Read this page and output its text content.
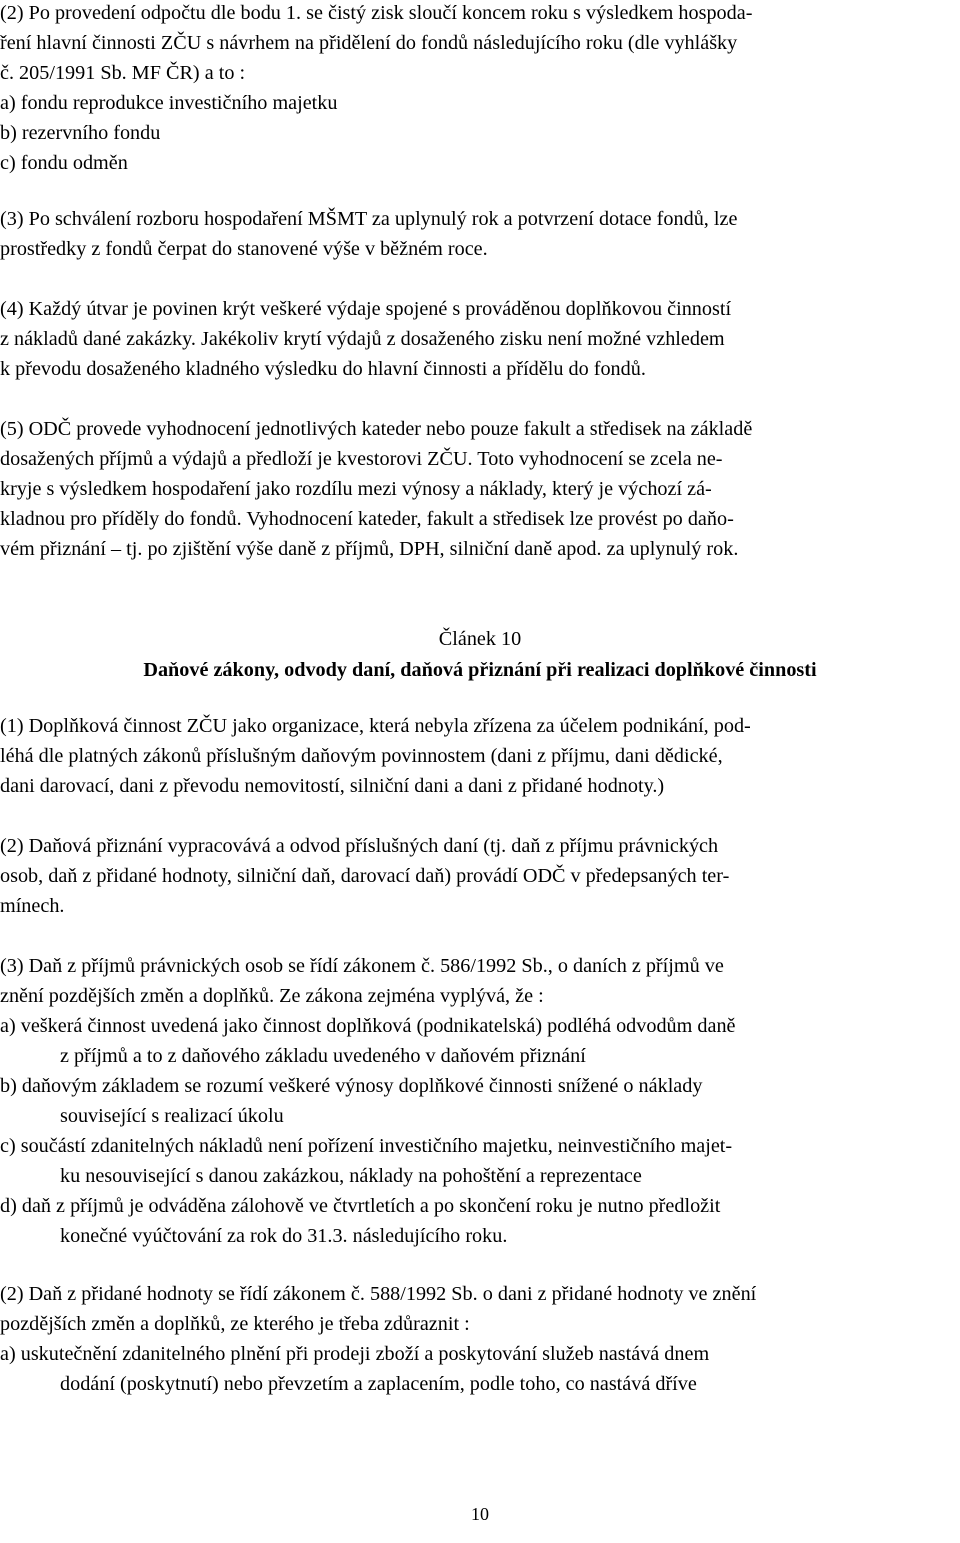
(2) Po provedení odpočtu dle bodu 1. se čistý zisk sloučí koncem roku s výsledkem hospoda-
ření hlavní činnosti ZČU s návrhem na přidělení do fondů následujícího roku (dle vyhlášky
č. 205/1991 Sb. MF ČR) a to :
a) fondu reprodukce investičního majetku
b) rezervního fondu
c) fondu odměn
(3) Po schválení rozboru hospodaření MŠMT za uplynulý rok a potvrzení dotace fondů, lze
prostředky z fondů čerpat do stanovené výše v běžném roce.
(4) Každý útvar je povinen krýt veškeré výdaje spojené s prováděnou doplňkovou činností
z nákladů dané zakázky. Jakékoliv krytí výdajů z dosaženého zisku není možné vzhledem
k převodu dosaženého kladného výsledku do hlavní činnosti a přídělu do fondů.
(5) ODČ provede vyhodnocení jednotlivých kateder nebo pouze fakult a středisek na základě
dosažených příjmů a výdajů a předloží je kvestorovi ZČU. Toto vyhodnocení se zcela ne-
kryje s výsledkem hospodaření jako rozdílu mezi výnosy a náklady, který je výchozí zá-
kladnou pro příděly do fondů. Vyhodnocení kateder, fakult a středisek lze provést po daňo-
vém přiznání – tj. po zjištění výše daně z příjmů, DPH, silniční daně apod. za uplynulý rok.
Článek 10
Daňové zákony, odvody daní, daňová přiznání při realizaci doplňkové činnosti
(1) Doplňková činnost ZČU jako organizace, která nebyla zřízena za účelem podnikání, pod-
léhá dle platných zákonů příslušným daňovým povinnostem (dani z příjmu, dani dědické,
dani darovací, dani z převodu nemovitostí, silniční dani a dani z přidané hodnoty.)
(2) Daňová přiznání vypracovává a odvod příslušných daní (tj. daň z příjmu právnických
osob, daň z přidané hodnoty, silniční daň, darovací daň) provádí ODČ v předepsaných ter-
mínech.
(3) Daň z příjmů právnických osob se řídí zákonem č. 586/1992 Sb., o daních z příjmů ve
znění pozdějších změn a doplňků. Ze zákona zejména vyplývá, že :
a) veškerá činnost uvedená jako činnost doplňková (podnikatelská) podléhá odvodům daně
z příjmů a to z daňového základu uvedeného v daňovém přiznání
b) daňovým základem se rozumí veškeré výnosy doplňkové činnosti snížené o náklady
související s realizací úkolu
c) součástí zdanitelných nákladů není pořízení investičního majetku, neinvestičního majet-
ku nesouvisející s danou zakázkou, náklady na pohoštění a reprezentace
d) daň z příjmů je odváděna zálohově ve čtvrtletích a po skončení roku je nutno předložit
konečné vyúčtování za rok do 31.3. následujícího roku.
(2) Daň z přidané hodnoty se řídí zákonem č. 588/1992 Sb. o dani z přidané hodnoty ve znění
pozdějších změn a doplňků, ze kterého je třeba zdůraznit :
a) uskutečnění zdanitelného plnění při prodeji zboží a poskytování služeb nastává dnem
dodání (poskytnutí) nebo převzetím a zaplacením, podle toho, co nastává dříve
10
